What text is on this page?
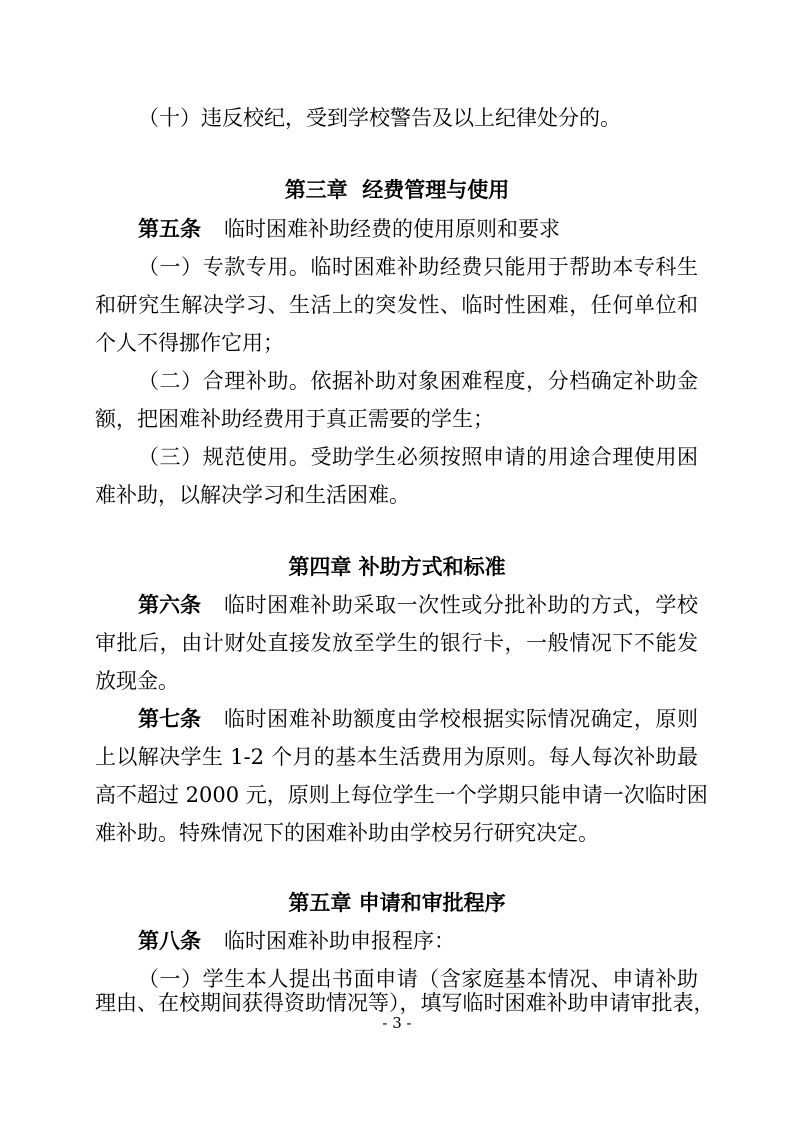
（十）违反校纪，受到学校警告及以上纪律处分的。

第三章  经费管理与使用

第五条 临时困难补助经费的使用原则和要求

（一）专款专用。临时困难补助经费只能用于帮助本专科生

和研究生解决学习、生活上的突发性、临时性困难，任何单位和

个人不得挪作它用；

（二）合理补助。依据补助对象困难程度，分档确定补助金

额，把困难补助经费用于真正需要的学生；

（三）规范使用。受助学生必须按照申请的用途合理使用困

难补助，以解决学习和生活困难。

第四章 补助方式和标准

第六条 临时困难补助采取一次性或分批补助的方式，学校

审批后，由计财处直接发放至学生的银行卡，一般情况下不能发

放现金。

第七条 临时困难补助额度由学校根据实际情况确定，原则

上以解决学生 1-2 个月的基本生活费用为原则。每人每次补助最

高不超过 2000 元，原则上每位学生一个学期只能申请一次临时困

难补助。特殊情况下的困难补助由学校另行研究决定。

第五章 申请和审批程序

第八条 临时困难补助申报程序：

（一）学生本人提出书面申请（含家庭基本情况、申请补助

理由、在校期间获得资助情况等），填写临时困难补助申请审批表，

- 3 -
